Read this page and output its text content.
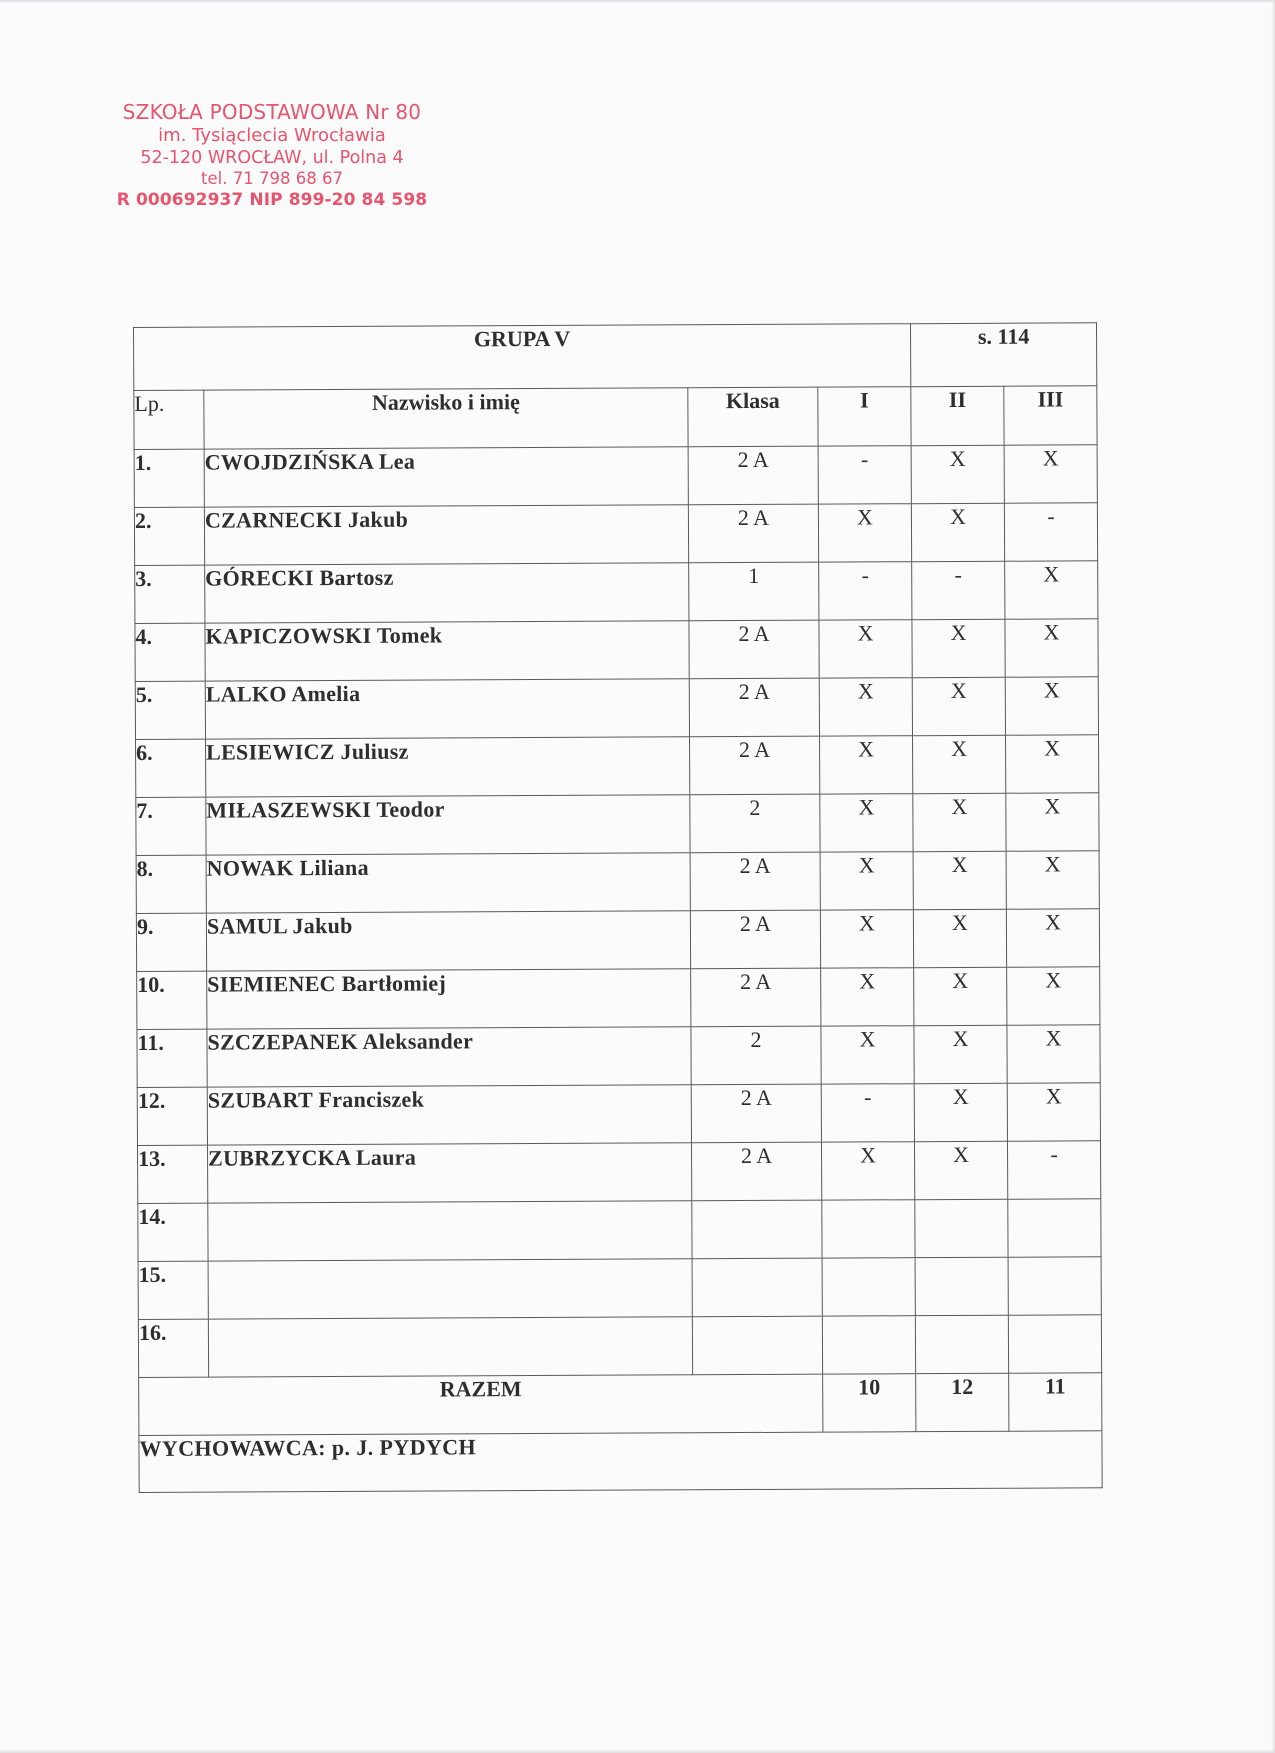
SZKOŁA PODSTAWOWA Nr 80
im. Tysiąclecia Wrocławia
52-120 WROCŁAW, ul. Polna 4
tel. 71 798 68 67
R 000692937 NIP 899-20 84 598
GRUPA V				s. 114	
Lp.	Nazwisko i imię	Klasa	I	II	III
1.	CWOJDZIŃSKA Lea	2 A	-	X	X
2.	CZARNECKI Jakub	2 A	X	X	-
3.	GÓRECKI Bartosz	1	-	-	X
4.	KAPICZOWSKI Tomek	2 A	X	X	X
5.	LALKO Amelia	2 A	X	X	X
6.	LESIEWICZ Juliusz	2 A	X	X	X
7.	MIŁASZEWSKI Teodor	2	X	X	X
8.	NOWAK Liliana	2 A	X	X	X
9.	SAMUL Jakub	2 A	X	X	X
10.	SIEMIENEC Bartłomiej	2 A	X	X	X
11.	SZCZEPANEK Aleksander	2	X	X	X
12.	SZUBART Franciszek	2 A	-	X	X
13.	ZUBRZYCKA Laura	2 A	X	X	-
14.					
15.					
16.					
RAZEM			10	12	11
WYCHOWAWCA: p. J. PYDYCH					
